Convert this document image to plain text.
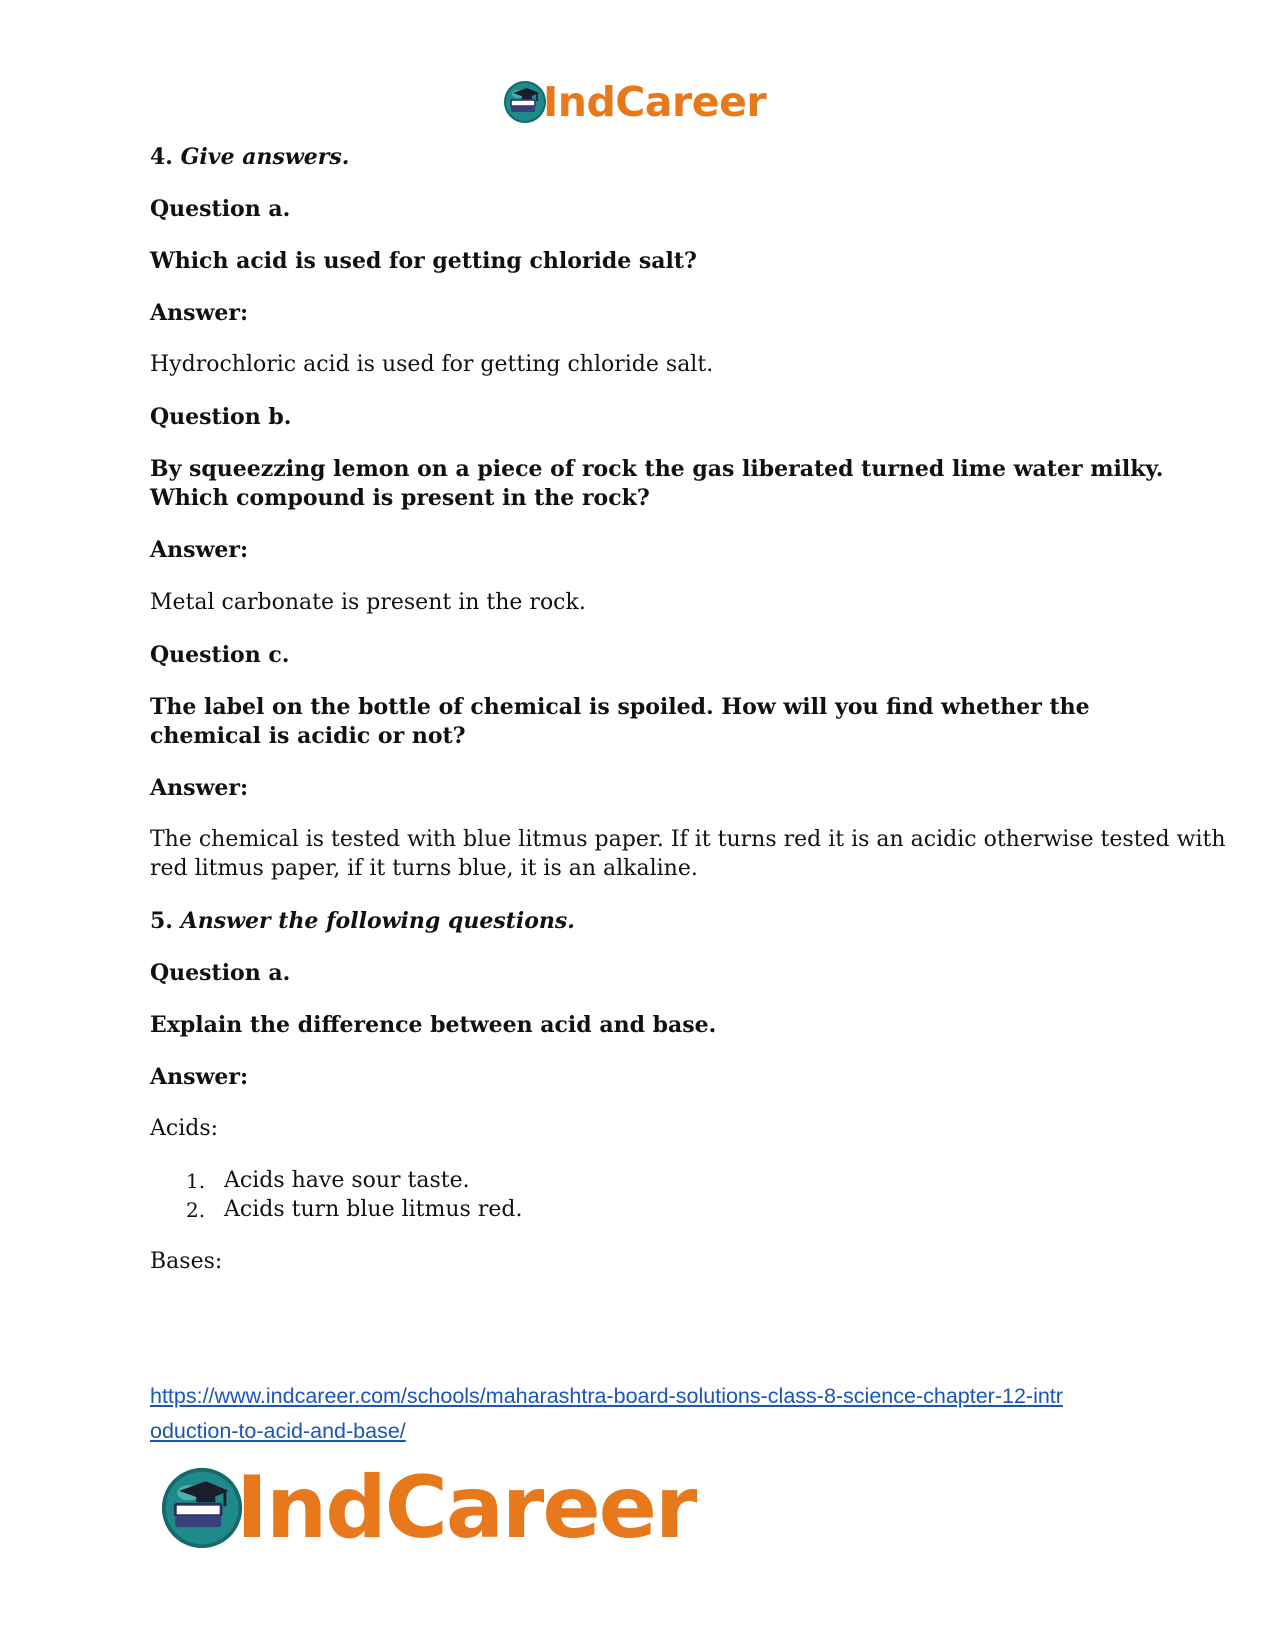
IndCareer
4. Give answers.
Question a.
Which acid is used for getting chloride salt?
Answer:
Hydrochloric acid is used for getting chloride salt.
Question b.
By squeezzing lemon on a piece of rock the gas liberated turned lime water milky.
Which compound is present in the rock?
Answer:
Metal carbonate is present in the rock.
Question c.
The label on the bottle of chemical is spoiled. How will you find whether the
chemical is acidic or not?
Answer:
The chemical is tested with blue litmus paper. If it turns red it is an acidic otherwise tested with
red litmus paper, if it turns blue, it is an alkaline.
5. Answer the following questions.
Question a.
Explain the difference between acid and base.
Answer:
Acids:
1. Acids have sour taste.
2. Acids turn blue litmus red.
Bases:
https://www.indcareer.com/schools/maharashtra-board-solutions-class-8-science-chapter-12-intr
oduction-to-acid-and-base/
IndCareer
